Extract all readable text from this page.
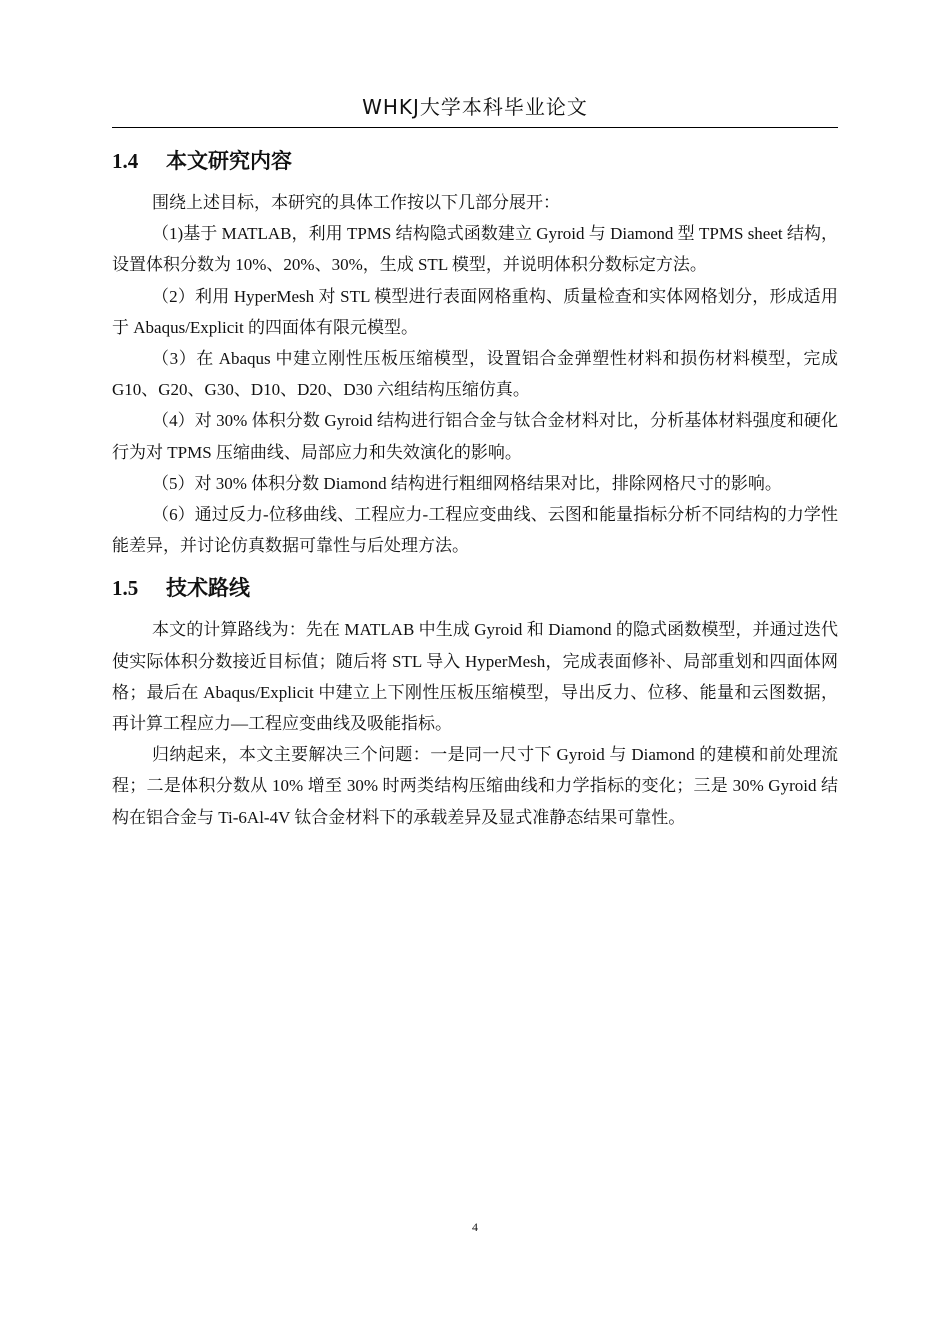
WHKJ大学本科毕业论文
1.4	本文研究内容

围绕上述目标，本研究的具体工作按以下几部分展开：

（1)基于 MATLAB，利用 TPMS 结构隐式函数建立 Gyroid 与 Diamond 型 TPMS sheet 结构，设置体积分数为 10%、20%、30%，生成 STL 模型，并说明体积分数标定方法。

（2）利用 HyperMesh 对 STL 模型进行表面网格重构、质量检查和实体网格划分，形成适用于 Abaqus/Explicit 的四面体有限元模型。

（3）在 Abaqus 中建立刚性压板压缩模型，设置铝合金弹塑性材料和损伤材料模型，完成 G10、G20、G30、D10、D20、D30 六组结构压缩仿真。

（4）对 30% 体积分数 Gyroid 结构进行铝合金与钛合金材料对比，分析基体材料强度和硬化行为对 TPMS 压缩曲线、局部应力和失效演化的影响。

（5）对 30% 体积分数 Diamond 结构进行粗细网格结果对比，排除网格尺寸的影响。

（6）通过反力-位移曲线、工程应力-工程应变曲线、云图和能量指标分析不同结构的力学性能差异，并讨论仿真数据可靠性与后处理方法。

1.5	技术路线

本文的计算路线为：先在 MATLAB 中生成 Gyroid 和 Diamond 的隐式函数模型，并通过迭代使实际体积分数接近目标值；随后将 STL 导入 HyperMesh，完成表面修补、局部重划和四面体网格；最后在 Abaqus/Explicit 中建立上下刚性压板压缩模型，导出反力、位移、能量和云图数据，再计算工程应力—工程应变曲线及吸能指标。

归纳起来，本文主要解决三个问题：一是同一尺寸下 Gyroid 与 Diamond 的建模和前处理流程；二是体积分数从 10% 增至 30% 时两类结构压缩曲线和力学指标的变化；三是 30% Gyroid 结构在铝合金与 Ti-6Al-4V 钛合金材料下的承载差异及显式准静态结果可靠性。

4
